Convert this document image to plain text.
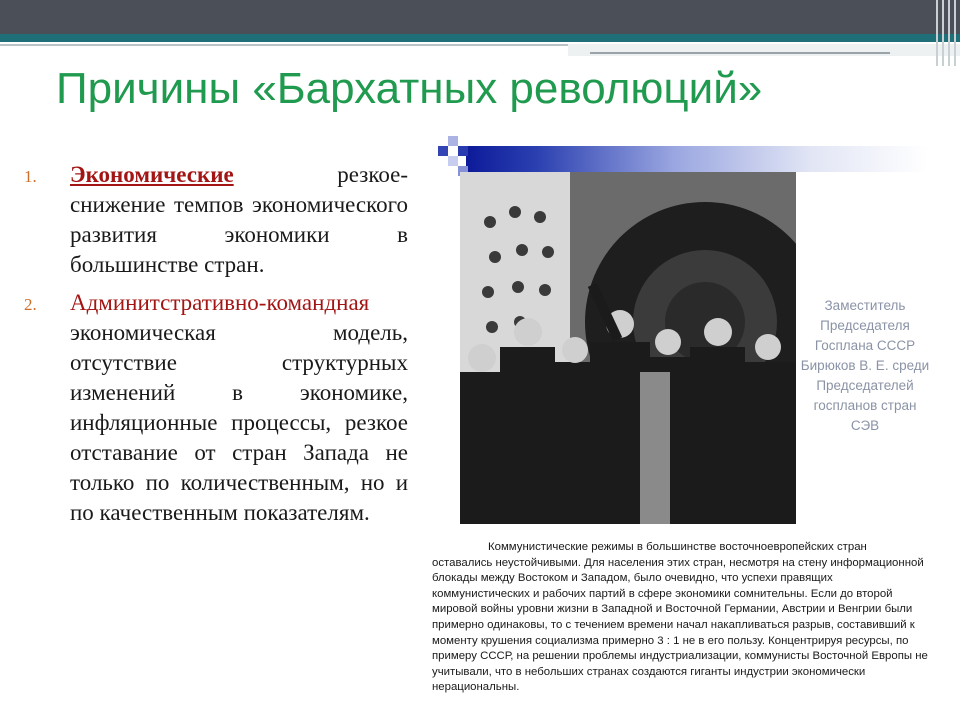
Причины «Бархатных революций»
1. Экономические	-
резкое снижение темпов экономического развития экономики в большинстве стран.
2. Админитстративно-командная
экономическая модель, отсутствие структурных изменений в экономике, инфляционные процессы, резкое отставание от стран Запада не только по количественным, но и по качественным показателям.
Заместитель Председателя Госплана СССР Бирюков В. Е. среди Председателей госпланов стран СЭВ
Коммунистические режимы в большинстве восточноевропейских стран оставались неустойчивыми. Для населения этих стран, несмотря на стену информационной блокады между Востоком и Западом, было очевидно, что успехи правящих коммунистических и рабочих партий в сфере экономики сомнительны. Если до второй мировой войны уровни жизни в Западной и Восточной Германии, Австрии и Венгрии были примерно одинаковы, то с течением времени начал накапливаться разрыв, составивший к моменту крушения социализма примерно 3 : 1 не в его пользу. Концентрируя ресурсы, по примеру СССР, на решении проблемы индустриализации, коммунисты Восточной Европы не учитывали, что в небольших странах создаются гиганты индустрии экономически нерациональны.
